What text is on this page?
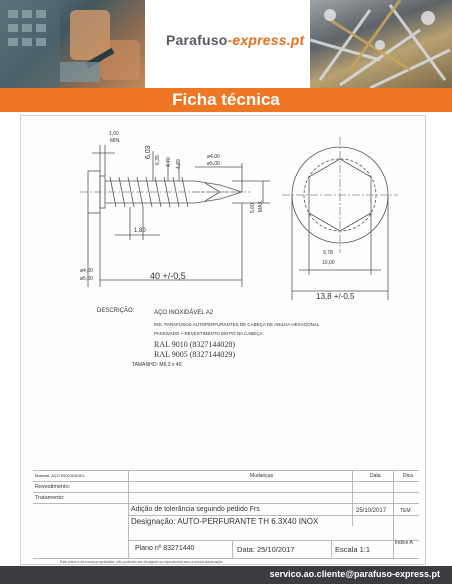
Parafuso-express.pt
Ficha técnica
1,00
MIN.
6,03
6,35 4,70 4,89
ø4,00
ø5,00
5,60 MAX.
1,80
ø4,00
ø5,00	40 +/-0,5
9,78
10,00
13,8 +/-0,5
DESCRIÇÃO:	AÇO INOXIDÁVEL A2
IND. PARAFUSOS AUTOPERFURANTES DE CABEÇA DE ANILHA HEXAGONAL
PASSIVADO + REVESTIMENTO EM PÓ NA CABEÇA
RAL 9010 (8327144028)
RAL 9005 (8327144029)
TAMANHO: M6,3 x 40
Material: AÇO INOXIDÁVEL	Mudanças	Data	Dica
Revestimento:
Tratamento:
Adição de tolerância seguindo pedido Frs	25/10/2017	TEM
Designação: AUTO-PERFURANTE TH 6.3X40 INOX
Índice A
Plano nº 83271440	Data: 25/10/2017	Escala 1:1
Este plano é da nossa propriedade, não podendo ser divulgado ou reproduzido sem a nossa autorização
servico.ao.cliente@parafuso-express.pt
